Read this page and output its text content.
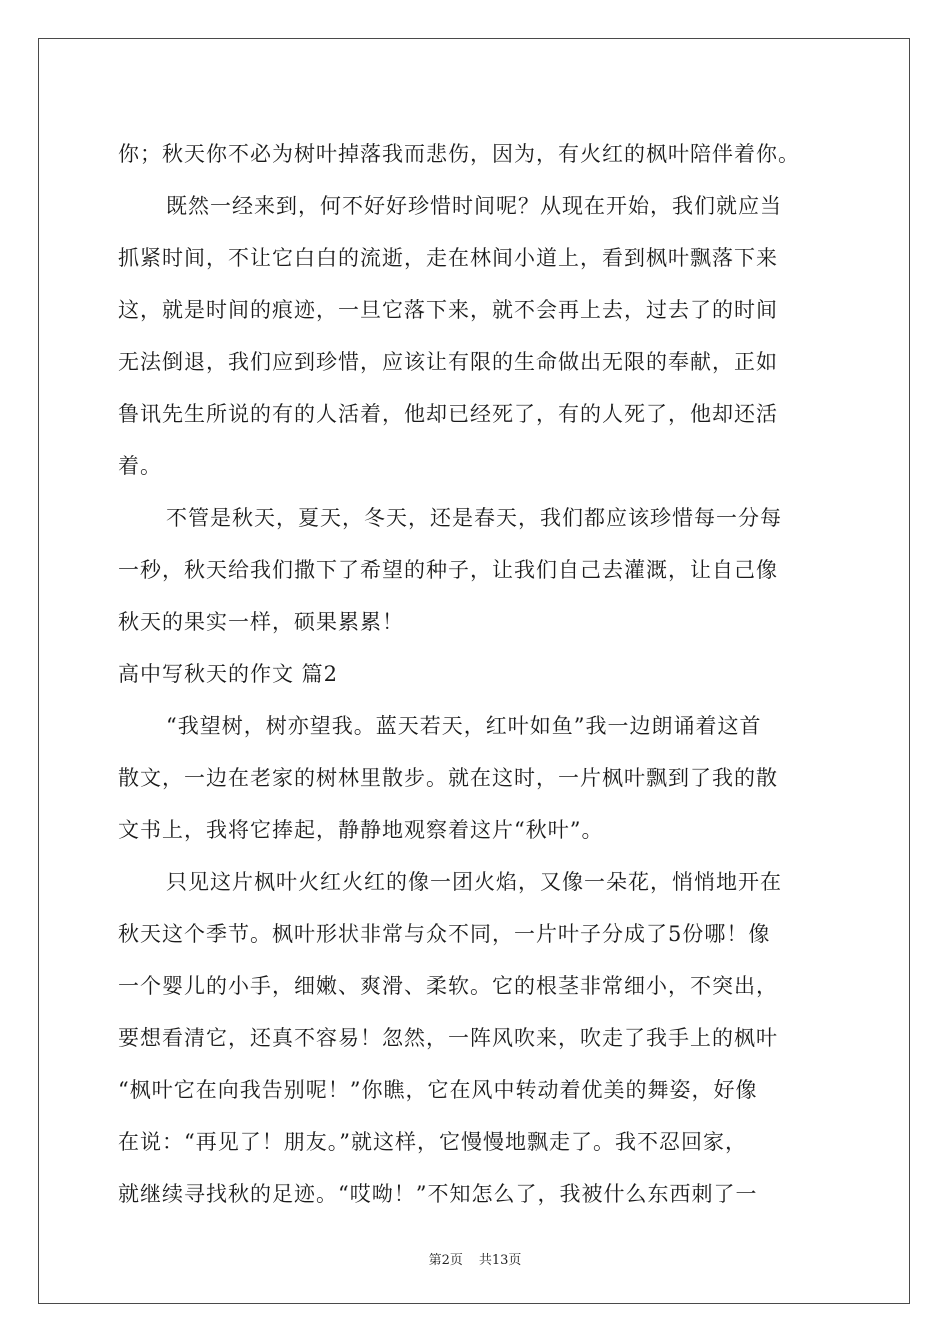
你；秋天你不必为树叶掉落我而悲伤，因为，有火红的枫叶陪伴着你。
既然一经来到，何不好好珍惜时间呢？从现在开始，我们就应当
抓紧时间，不让它白白的流逝，走在林间小道上，看到枫叶飘落下来
这，就是时间的痕迹，一旦它落下来，就不会再上去，过去了的时间
无法倒退，我们应到珍惜，应该让有限的生命做出无限的奉献，正如
鲁讯先生所说的有的人活着，他却已经死了，有的人死了，他却还活
着。
不管是秋天，夏天，冬天，还是春天，我们都应该珍惜每一分每
一秒，秋天给我们撒下了希望的种子，让我们自己去灌溉，让自己像
秋天的果实一样，硕果累累！
高中写秋天的作文 篇2
“我望树，树亦望我。蓝天若天，红叶如鱼”我一边朗诵着这首
散文，一边在老家的树林里散步。就在这时，一片枫叶飘到了我的散
文书上，我将它捧起，静静地观察着这片“秋叶”。
只见这片枫叶火红火红的像一团火焰，又像一朵花，悄悄地开在
秋天这个季节。枫叶形状非常与众不同，一片叶子分成了5份哪！像
一个婴儿的小手，细嫩、爽滑、柔软。它的根茎非常细小，不突出，
要想看清它，还真不容易！忽然，一阵风吹来，吹走了我手上的枫叶
“枫叶它在向我告别呢！”你瞧，它在风中转动着优美的舞姿，好像
在说：“再见了！朋友。”就这样，它慢慢地飘走了。我不忍回家，
就继续寻找秋的足迹。“哎呦！”不知怎么了，我被什么东西刺了一
第2页 共13页
